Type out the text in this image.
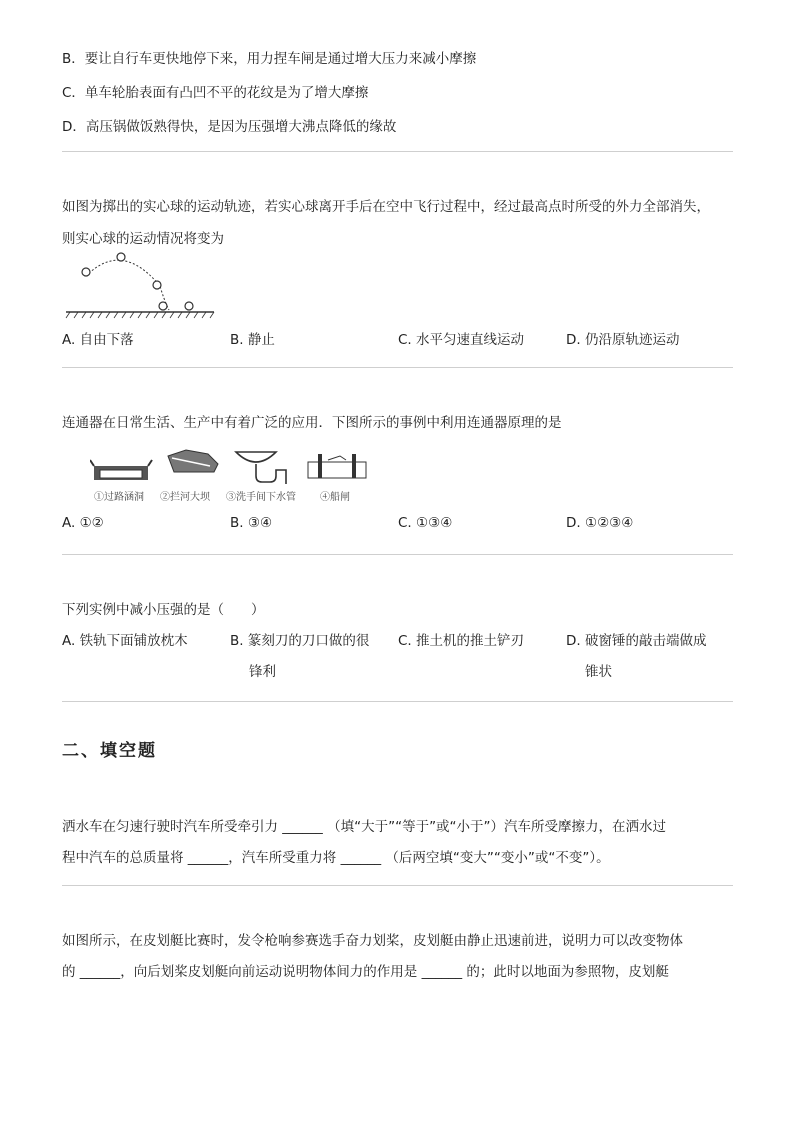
B．要让自行车更快地停下来，用力捏车闸是通过增大压力来减小摩擦
C．单车轮胎表面有凸凹不平的花纹是为了增大摩擦
D．高压锅做饭熟得快，是因为压强增大沸点降低的缘故
如图为掷出的实心球的运动轨迹，若实心球离开手后在空中飞行过程中，经过最高点时所受的外力全部消失，
则实心球的运动情况将变为
A. 自由下落	B. 静止	C. 水平匀速直线运动	D. 仍沿原轨迹运动
连通器在日常生活、生产中有着广泛的应用．下图所示的事例中利用连通器原理的是
①过路涵洞 ②拦河大坝 ③洗手间下水管 ④船闸
A. ①②	B. ③④	C. ①③④	D. ①②③④
下列实例中减小压强的是（　　）
A. 铁轨下面铺放枕木	B. 篆刻刀的刀口做的很
锋利
C. 推土机的推土铲刃	D. 破窗锤的敲击端做成
锥状
二、填空题
洒水车在匀速行驶时汽车所受牵引力 ______ （填“大于”“等于”或“小于”）汽车所受摩擦力，在洒水过
程中汽车的总质量将 ______，汽车所受重力将 ______ （后两空填“变大”“变小”或“不变”）。
如图所示，在皮划艇比赛时，发令枪响参赛选手奋力划桨，皮划艇由静止迅速前进，说明力可以改变物体
的 ______，向后划桨皮划艇向前运动说明物体间力的作用是 ______ 的；此时以地面为参照物，皮划艇
